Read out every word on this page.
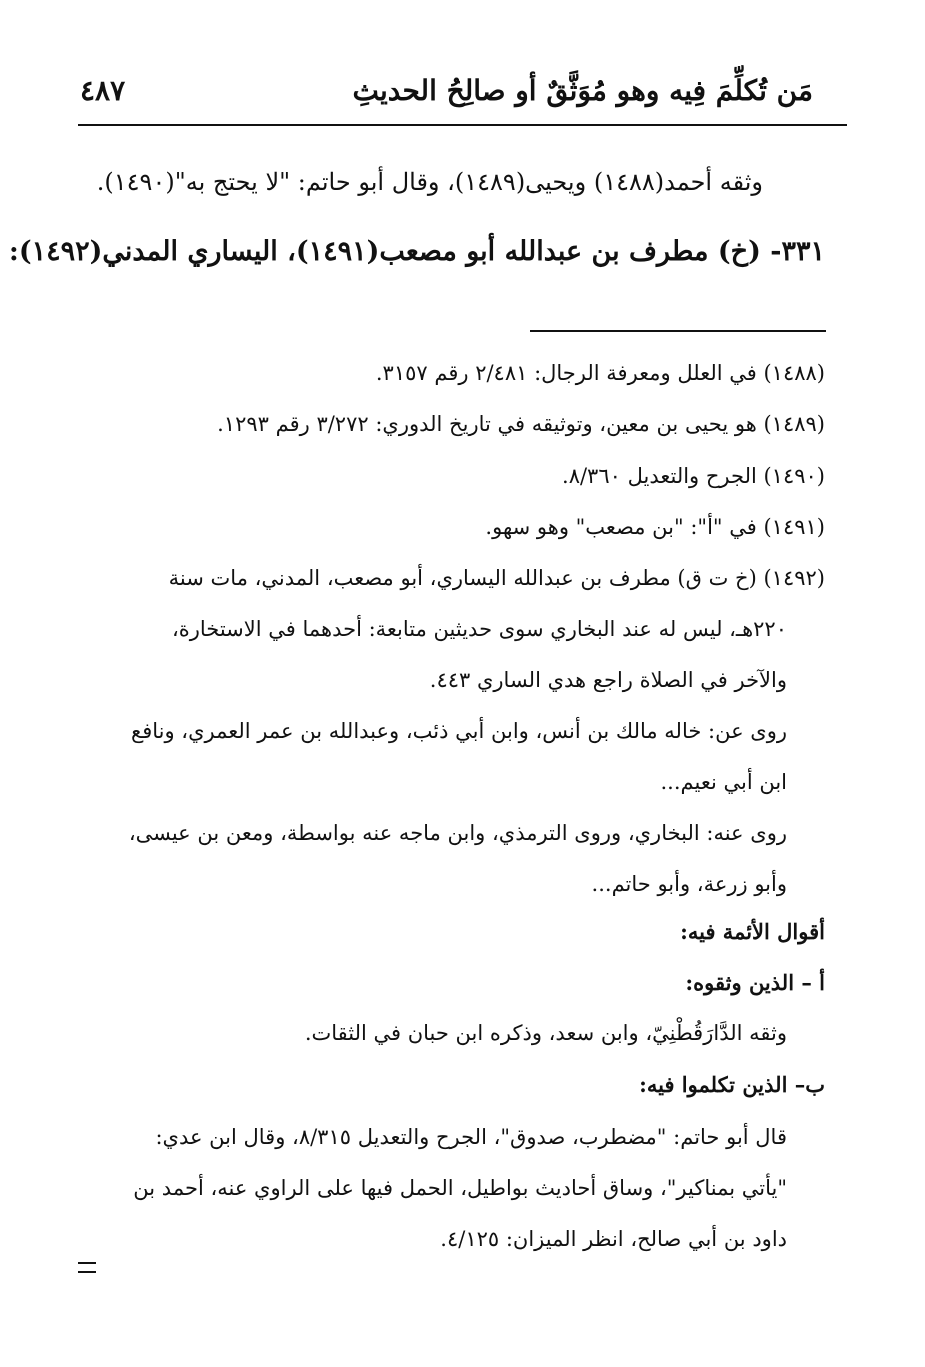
مَن تُكلِّمَ فِيه وهو مُوَثَّقٌ أو صالِحُ الحديثِ
٤٨٧
وثقه أحمد(١٤٨٨) ويحيى(١٤٨٩)، وقال أبو حاتم: "لا يحتج به"(١٤٩٠).
٣٣١- (خ) مطرف بن عبدالله أبو مصعب(١٤٩١)، اليساري المدني(١٤٩٢):
(١٤٨٨) في العلل ومعرفة الرجال: ٢/٤٨١ رقم ٣١٥٧.
(١٤٨٩) هو يحيى بن معين، وتوثيقه في تاريخ الدوري: ٣/٢٧٢ رقم ١٢٩٣.
(١٤٩٠) الجرح والتعديل ٨/٣٦٠.
(١٤٩١) في "أ": "بن مصعب" وهو سهو.
(١٤٩٢) (خ ت ق) مطرف بن عبدالله اليساري، أبو مصعب، المدني، مات سنة
٢٢٠هـ، ليس له عند البخاري سوى حديثين متابعة: أحدهما في الاستخارة،
والآخر في الصلاة راجع هدي الساري ٤٤٣.
روى عن: خاله مالك بن أنس، وابن أبي ذئب، وعبدالله بن عمر العمري، ونافع
ابن أبي نعيم...
روى عنه: البخاري، وروى الترمذي، وابن ماجه عنه بواسطة، ومعن بن عيسى،
وأبو زرعة، وأبو حاتم...
أقوال الأئمة فيه:
أ – الذين وثقوه:
وثقه الدَّارَقُطْنِيّ، وابن سعد، وذكره ابن حبان في الثقات.
ب– الذين تكلموا فيه:
قال أبو حاتم: "مضطرب، صدوق"، الجرح والتعديل ٨/٣١٥، وقال ابن عدي:
"يأتي بمناكير"، وساق أحاديث بواطيل، الحمل فيها على الراوي عنه، أحمد بن
داود بن أبي صالح، انظر الميزان: ٤/١٢٥.
